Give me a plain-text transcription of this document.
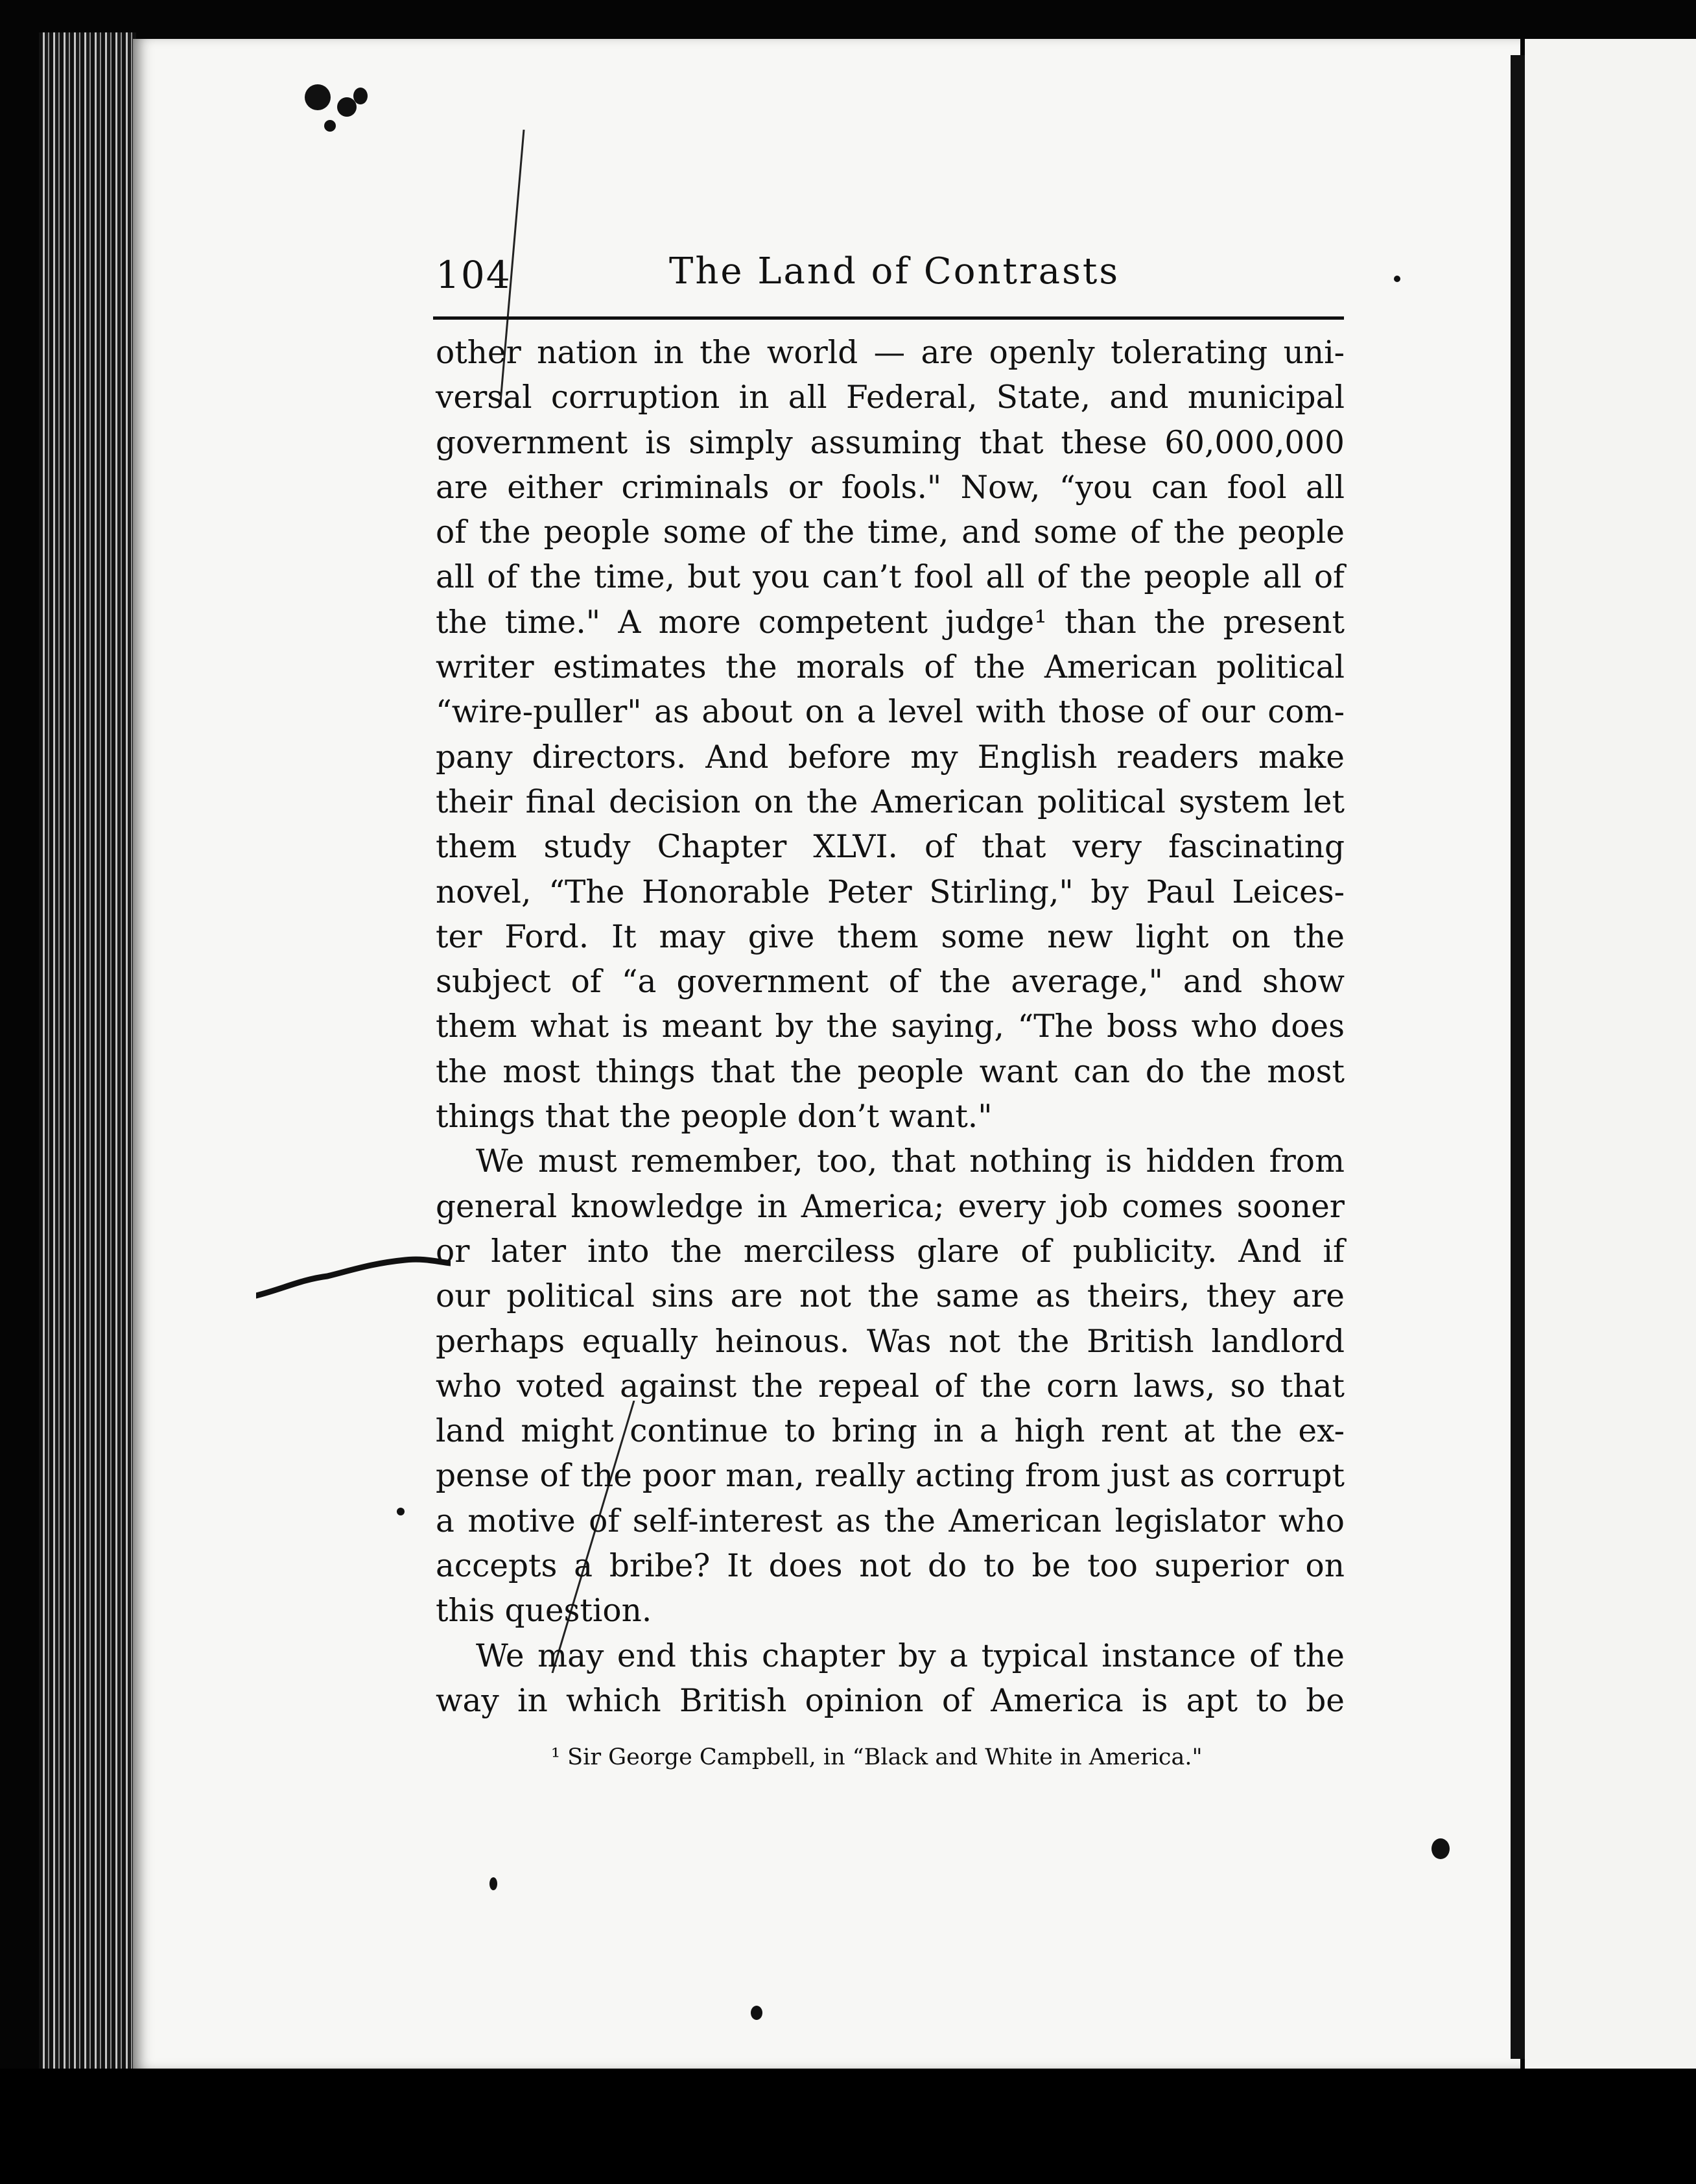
104	The Land of Contrasts
other nation in the world — are openly tolerating uni-
versal corruption in all Federal, State, and municipal
government is simply assuming that these 60,000,000
are either criminals or fools." Now, “you can fool all
of the people some of the time, and some of the people
all of the time, but you can’t fool all of the people all of
the time." A more competent judge¹ than the present
writer estimates the morals of the American political
“wire-puller" as about on a level with those of our com-
pany directors. And before my English readers make
their final decision on the American political system let
them study Chapter XLVI. of that very fascinating
novel, “The Honorable Peter Stirling," by Paul Leices-
ter Ford. It may give them some new light on the
subject of “a government of the average," and show
them what is meant by the saying, “The boss who does
the most things that the people want can do the most
things that the people don’t want."
We must remember, too, that nothing is hidden from
general knowledge in America; every job comes sooner
or later into the merciless glare of publicity. And if
our political sins are not the same as theirs, they are
perhaps equally heinous. Was not the British landlord
who voted against the repeal of the corn laws, so that
land might continue to bring in a high rent at the ex-
pense of the poor man, really acting from just as corrupt
a motive of self-interest as the American legislator who
accepts a bribe? It does not do to be too superior on
this question.
We may end this chapter by a typical instance of the
way in which British opinion of America is apt to be
¹ Sir George Campbell, in “Black and White in America."
